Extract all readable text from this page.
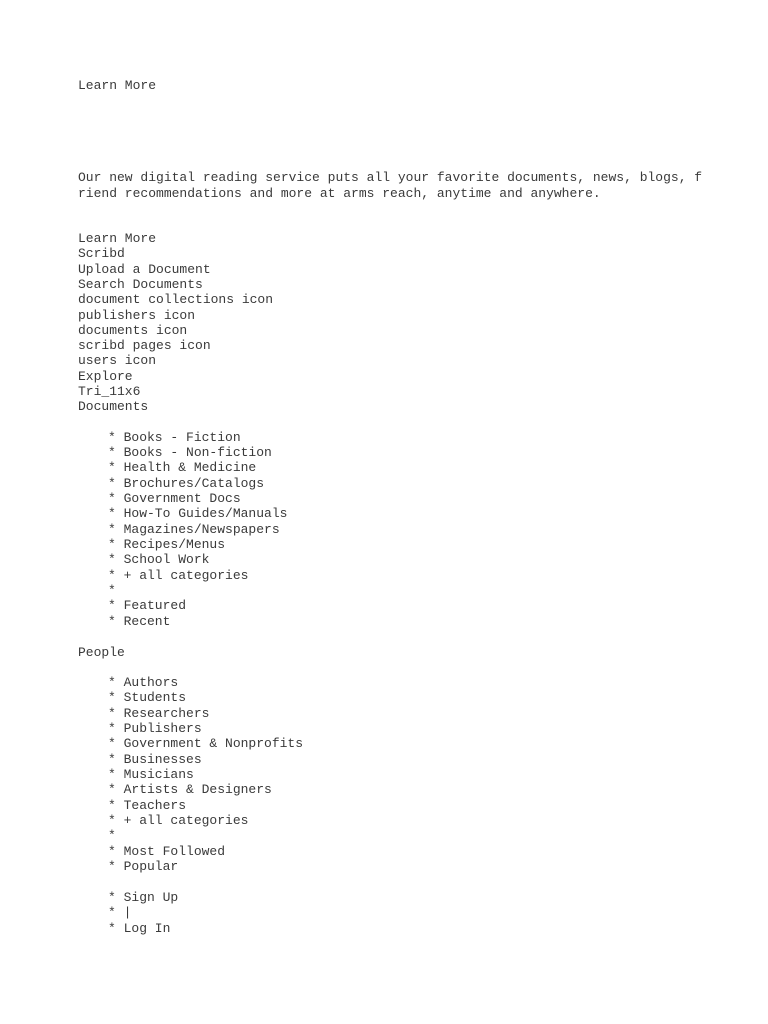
Learn More
Our new digital reading service puts all your favorite documents, news, blogs, f
riend recommendations and more at arms reach, anytime and anywhere.
Learn More
Scribd
Upload a Document
Search Documents
document collections icon
publishers icon
documents icon
scribd pages icon
users icon
Explore
Tri_11x6
Documents
* Books - Fiction
* Books - Non-fiction
* Health & Medicine
* Brochures/Catalogs
* Government Docs
* How-To Guides/Manuals
* Magazines/Newspapers
* Recipes/Menus
* School Work
* + all categories
*
* Featured
* Recent
People
* Authors
* Students
* Researchers
* Publishers
* Government & Nonprofits
* Businesses
* Musicians
* Artists & Designers
* Teachers
* + all categories
*
* Most Followed
* Popular
* Sign Up
* |
* Log In
